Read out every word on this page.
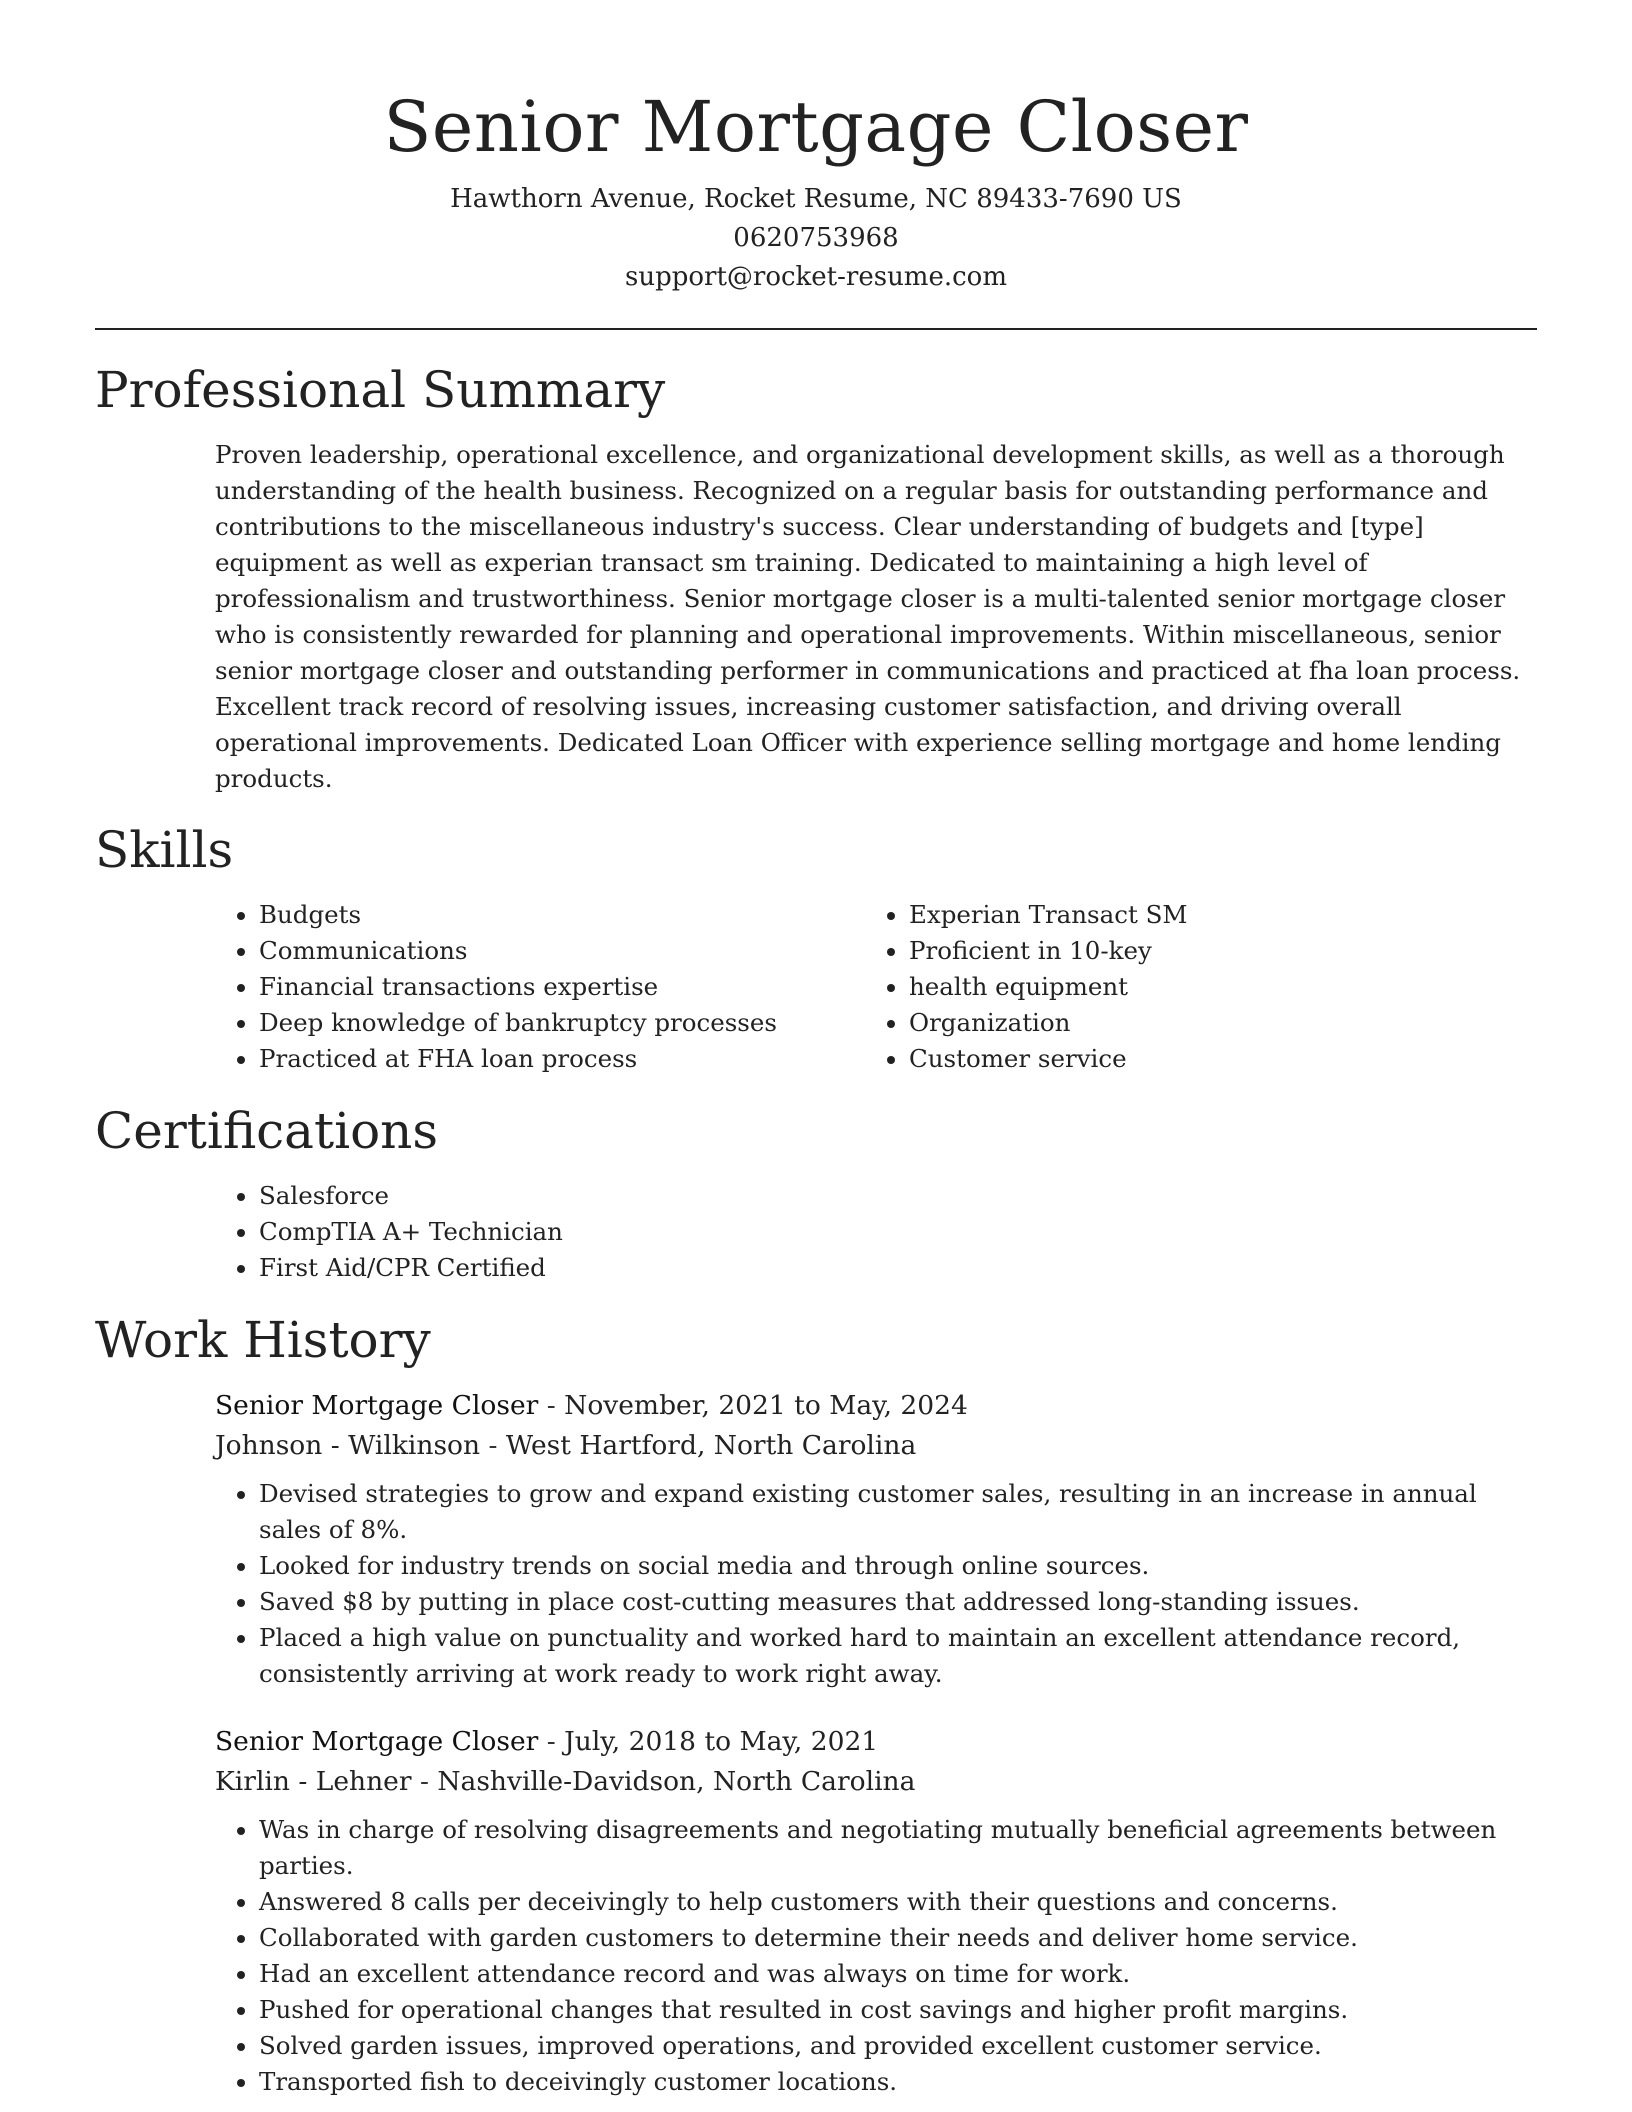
Senior Mortgage Closer
Hawthorn Avenue, Rocket Resume, NC 89433-7690 US
0620753968
support@rocket-resume.com
Professional Summary

Proven leadership, operational excellence, and organizational development skills, as well as a thorough understanding of the health business. Recognized on a regular basis for outstanding performance and contributions to the miscellaneous industry's success. Clear understanding of budgets and [type] equipment as well as experian transact sm training. Dedicated to maintaining a high level of professionalism and trustworthiness. Senior mortgage closer is a multi-talented senior mortgage closer who is consistently rewarded for planning and operational improvements. Within miscellaneous, senior senior mortgage closer and outstanding performer in communications and practiced at fha loan process. Excellent track record of resolving issues, increasing customer satisfaction, and driving overall operational improvements. Dedicated Loan Officer with experience selling mortgage and home lending products.

Skills
• Budgets
• Communications
• Financial transactions expertise
• Deep knowledge of bankruptcy processes
• Practiced at FHA loan process
• Experian Transact SM
• Proficient in 10-key
• health equipment
• Organization
• Customer service
Certifications
• Salesforce
• CompTIA A+ Technician
• First Aid/CPR Certified
Work History
Senior Mortgage Closer - November, 2021 to May, 2024
Johnson - Wilkinson - West Hartford, North Carolina
• Devised strategies to grow and expand existing customer sales, resulting in an increase in annual sales of 8%.
• Looked for industry trends on social media and through online sources.
• Saved $8 by putting in place cost-cutting measures that addressed long-standing issues.
• Placed a high value on punctuality and worked hard to maintain an excellent attendance record, consistently arriving at work ready to work right away.
Senior Mortgage Closer - July, 2018 to May, 2021
Kirlin - Lehner - Nashville-Davidson, North Carolina
• Was in charge of resolving disagreements and negotiating mutually beneficial agreements between parties.
• Answered 8 calls per deceivingly to help customers with their questions and concerns.
• Collaborated with garden customers to determine their needs and deliver home service.
• Had an excellent attendance record and was always on time for work.
• Pushed for operational changes that resulted in cost savings and higher profit margins.
• Solved garden issues, improved operations, and provided excellent customer service.
• Transported fish to deceivingly customer locations.
